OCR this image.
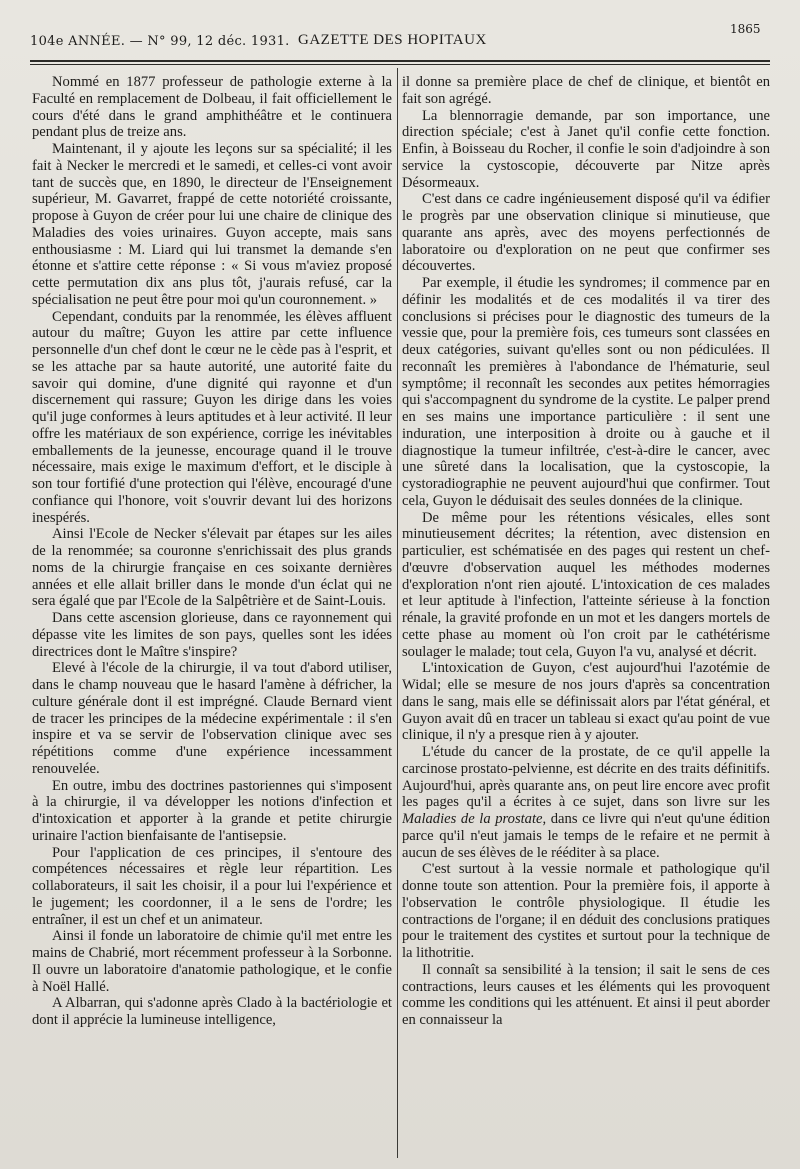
104e ANNÉE. — N° 99, 12 déc. 1931. GAZETTE DES HOPITAUX
1865

Nommé en 1877 professeur de pathologie externe à la Faculté en remplacement de Dolbeau, il fait officiellement le cours d'été dans le grand amphithéâtre et le continuera pendant plus de treize ans.

Maintenant, il y ajoute les leçons sur sa spécialité; il les fait à Necker le mercredi et le samedi, et celles-ci vont avoir tant de succès que, en 1890, le directeur de l'Enseignement supérieur, M. Gavarret, frappé de cette notoriété croissante, propose à Guyon de créer pour lui une chaire de clinique des Maladies des voies urinaires. Guyon accepte, mais sans enthousiasme : M. Liard qui lui transmet la demande s'en étonne et s'attire cette réponse : « Si vous m'aviez proposé cette permutation dix ans plus tôt, j'aurais refusé, car la spécialisation ne peut être pour moi qu'un couronnement. »

Cependant, conduits par la renommée, les élèves affluent autour du maître; Guyon les attire par cette influence personnelle d'un chef dont le cœur ne le cède pas à l'esprit, et se les attache par sa haute autorité, une autorité faite du savoir qui domine, d'une dignité qui rayonne et d'un discernement qui rassure; Guyon les dirige dans les voies qu'il juge conformes à leurs aptitudes et à leur activité. Il leur offre les matériaux de son expérience, corrige les inévitables emballements de la jeunesse, encourage quand il le trouve nécessaire, mais exige le maximum d'effort, et le disciple à son tour fortifié d'une protection qui l'élève, encouragé d'une confiance qui l'honore, voit s'ouvrir devant lui des horizons inespérés.

Ainsi l'Ecole de Necker s'élevait par étapes sur les ailes de la renommée; sa couronne s'enrichissait des plus grands noms de la chirurgie française en ces soixante dernières années et elle allait briller dans le monde d'un éclat qui ne sera égalé que par l'Ecole de la Salpêtrière et de Saint-Louis.

Dans cette ascension glorieuse, dans ce rayonnement qui dépasse vite les limites de son pays, quelles sont les idées directrices dont le Maître s'inspire?

Elevé à l'école de la chirurgie, il va tout d'abord utiliser, dans le champ nouveau que le hasard l'amène à défricher, la culture générale dont il est imprégné. Claude Bernard vient de tracer les principes de la médecine expérimentale : il s'en inspire et va se servir de l'observation clinique avec ses répétitions comme d'une expérience incessamment renouvelée.

En outre, imbu des doctrines pastoriennes qui s'imposent à la chirurgie, il va développer les notions d'infection et d'intoxication et apporter à la grande et petite chirurgie urinaire l'action bienfaisante de l'antisepsie.

Pour l'application de ces principes, il s'entoure des compétences nécessaires et règle leur répartition. Les collaborateurs, il sait les choisir, il a pour lui l'expérience et le jugement; les coordonner, il a le sens de l'ordre; les entraîner, il est un chef et un animateur.

Ainsi il fonde un laboratoire de chimie qu'il met entre les mains de Chabrié, mort récemment professeur à la Sorbonne. Il ouvre un laboratoire d'anatomie pathologique, et le confie à Noël Hallé.

A Albarran, qui s'adonne après Clado à la bactériologie et dont il apprécie la lumineuse intelligence,

il donne sa première place de chef de clinique, et bientôt en fait son agrégé.

La blennorragie demande, par son importance, une direction spéciale; c'est à Janet qu'il confie cette fonction. Enfin, à Boisseau du Rocher, il confie le soin d'adjoindre à son service la cystoscopie, découverte par Nitze après Désormeaux.

C'est dans ce cadre ingénieusement disposé qu'il va édifier le progrès par une observation clinique si minutieuse, que quarante ans après, avec des moyens perfectionnés de laboratoire ou d'exploration on ne peut que confirmer ses découvertes.

Par exemple, il étudie les syndromes; il commence par en définir les modalités et de ces modalités il va tirer des conclusions si précises pour le diagnostic des tumeurs de la vessie que, pour la première fois, ces tumeurs sont classées en deux catégories, suivant qu'elles sont ou non pédiculées. Il reconnaît les premières à l'abondance de l'hématurie, seul symptôme; il reconnaît les secondes aux petites hémorragies qui s'accompagnent du syndrome de la cystite. Le palper prend en ses mains une importance particulière : il sent une induration, une interposition à droite ou à gauche et il diagnostique la tumeur infiltrée, c'est-à-dire le cancer, avec une sûreté dans la localisation, que la cystoscopie, la cystoradiographie ne peuvent aujourd'hui que confirmer. Tout cela, Guyon le déduisait des seules données de la clinique.

De même pour les rétentions vésicales, elles sont minutieusement décrites; la rétention, avec distension en particulier, est schématisée en des pages qui restent un chef-d'œuvre d'observation auquel les méthodes modernes d'exploration n'ont rien ajouté. L'intoxication de ces malades et leur aptitude à l'infection, l'atteinte sérieuse à la fonction rénale, la gravité profonde en un mot et les dangers mortels de cette phase au moment où l'on croit par le cathétérisme soulager le malade; tout cela, Guyon l'a vu, analysé et décrit.

L'intoxication de Guyon, c'est aujourd'hui l'azotémie de Widal; elle se mesure de nos jours d'après sa concentration dans le sang, mais elle se définissait alors par l'état général, et Guyon avait dû en tracer un tableau si exact qu'au point de vue clinique, il n'y a presque rien à y ajouter.

L'étude du cancer de la prostate, de ce qu'il appelle la carcinose prostato-pelvienne, est décrite en des traits définitifs. Aujourd'hui, après quarante ans, on peut lire encore avec profit les pages qu'il a écrites à ce sujet, dans son livre sur les Maladies de la prostate, dans ce livre qui n'eut qu'une édition parce qu'il n'eut jamais le temps de le refaire et ne permit à aucun de ses élèves de le rééditer à sa place.

C'est surtout à la vessie normale et pathologique qu'il donne toute son attention. Pour la première fois, il apporte à l'observation le contrôle physiologique. Il étudie les contractions de l'organe; il en déduit des conclusions pratiques pour le traitement des cystites et surtout pour la technique de la lithotritie.

Il connaît sa sensibilité à la tension; il sait le sens de ces contractions, leurs causes et les éléments qui les provoquent comme les conditions qui les atténuent. Et ainsi il peut aborder en connaisseur la
